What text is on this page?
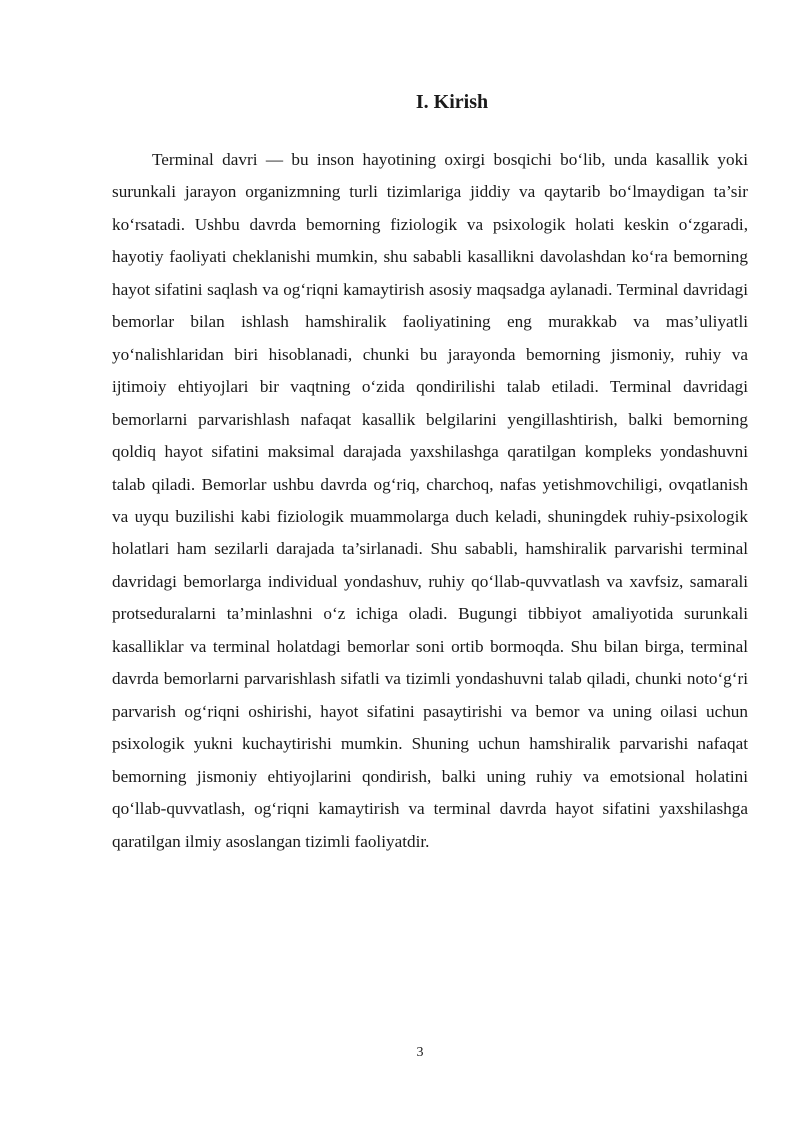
I. Kirish

Terminal davri — bu inson hayotining oxirgi bosqichi bo‘lib, unda kasallik yoki surunkali jarayon organizmning turli tizimlariga jiddiy va qaytarib bo‘lmaydigan ta’sir ko‘rsatadi. Ushbu davrda bemorning fiziologik va psixologik holati keskin o‘zgaradi, hayotiy faoliyati cheklanishi mumkin, shu sababli kasallikni davolashdan ko‘ra bemorning hayot sifatini saqlash va og‘riqni kamaytirish asosiy maqsadga aylanadi. Terminal davridagi bemorlar bilan ishlash hamshiralik faoliyatining eng murakkab va mas’uliyatli yo‘nalishlaridan biri hisoblanadi, chunki bu jarayonda bemorning jismoniy, ruhiy va ijtimoiy ehtiyojlari bir vaqtning o‘zida qondirilishi talab etiladi. Terminal davridagi bemorlarni parvarishlash nafaqat kasallik belgilarini yengillashtirish, balki bemorning qoldiq hayot sifatini maksimal darajada yaxshilashga qaratilgan kompleks yondashuvni talab qiladi. Bemorlar ushbu davrda og‘riq, charchoq, nafas yetishmovchiligi, ovqatlanish va uyqu buzilishi kabi fiziologik muammolarga duch keladi, shuningdek ruhiy-psixologik holatlari ham sezilarli darajada ta’sirlanadi. Shu sababli, hamshiralik parvarishi terminal davridagi bemorlarga individual yondashuv, ruhiy qo‘llab-quvvatlash va xavfsiz, samarali protseduralarni ta’minlashni o‘z ichiga oladi. Bugungi tibbiyot amaliyotida surunkali kasalliklar va terminal holatdagi bemorlar soni ortib bormoqda. Shu bilan birga, terminal davrda bemorlarni parvarishlash sifatli va tizimli yondashuvni talab qiladi, chunki noto‘g‘ri parvarish og‘riqni oshirishi, hayot sifatini pasaytirishi va bemor va uning oilasi uchun psixologik yukni kuchaytirishi mumkin. Shuning uchun hamshiralik parvarishi nafaqat bemorning jismoniy ehtiyojlarini qondirish, balki uning ruhiy va emotsional holatini qo‘llab-quvvatlash, og‘riqni kamaytirish va terminal davrda hayot sifatini yaxshilashga qaratilgan ilmiy asoslangan tizimli faoliyatdir.

3
